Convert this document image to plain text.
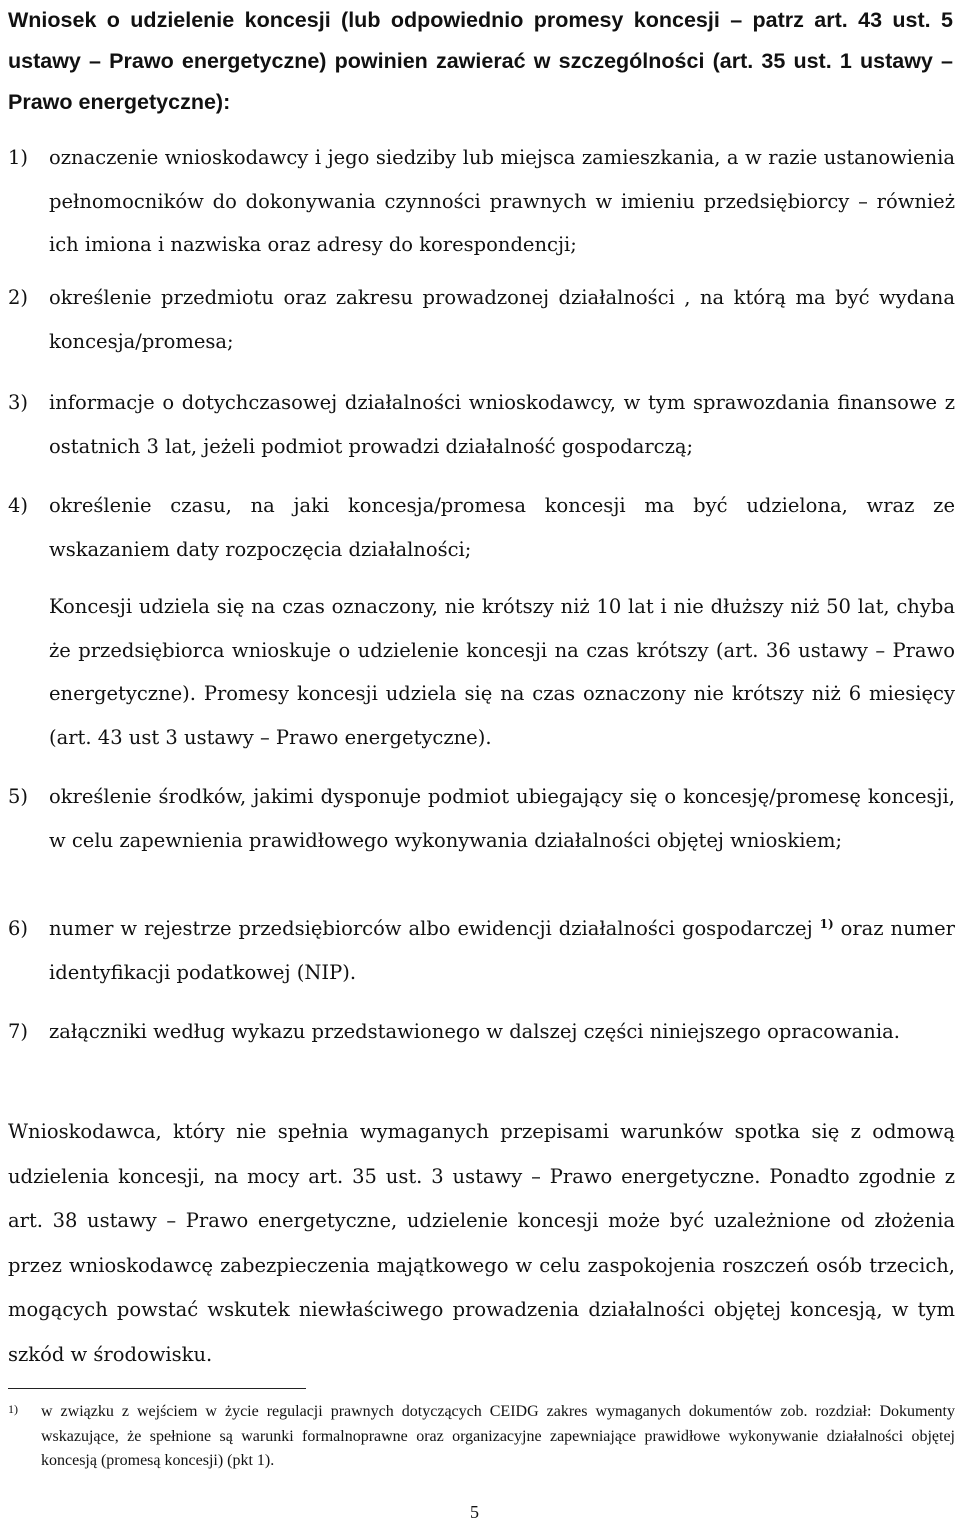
Wniosek o udzielenie koncesji (lub odpowiednio promesy koncesji – patrz art. 43 ust. 5 ustawy – Prawo energetyczne) powinien zawierać w szczególności (art. 35 ust. 1 ustawy – Prawo energetyczne):

1) oznaczenie wnioskodawcy i jego siedziby lub miejsca zamieszkania, a w razie ustanowienia pełnomocników do dokonywania czynności prawnych w imieniu przedsiębiorcy – również ich imiona i nazwiska oraz adresy do korespondencji;
2) określenie przedmiotu oraz zakresu prowadzonej działalności , na którą ma być wydana koncesja/promesa;
3) informacje o dotychczasowej działalności wnioskodawcy, w tym sprawozdania finansowe z ostatnich 3 lat, jeżeli podmiot prowadzi działalność gospodarczą;
4) określenie czasu, na jaki koncesja/promesa koncesji ma być udzielona, wraz ze wskazaniem daty rozpoczęcia działalności;
Koncesji udziela się na czas oznaczony, nie krótszy niż 10 lat i nie dłuższy niż 50 lat, chyba że przedsiębiorca wnioskuje o udzielenie koncesji na czas krótszy (art. 36 ustawy – Prawo energetyczne). Promesy koncesji udziela się na czas oznaczony nie krótszy niż 6 miesięcy (art. 43 ust 3 ustawy – Prawo energetyczne).
5) określenie środków, jakimi dysponuje podmiot ubiegający się o koncesję/promesę koncesji, w celu zapewnienia prawidłowego wykonywania działalności objętej wnioskiem;
6) numer w rejestrze przedsiębiorców albo ewidencji działalności gospodarczej $^{1)}$ oraz numer identyfikacji podatkowej (NIP).
7) załączniki według wykazu przedstawionego w dalszej części niniejszego opracowania.
Wnioskodawca, który nie spełnia wymaganych przepisami warunków spotka się z odmową udzielenia koncesji, na mocy art. 35 ust. 3 ustawy – Prawo energetyczne. Ponadto zgodnie z art. 38 ustawy – Prawo energetyczne, udzielenie koncesji może być uzależnione od złożenia przez wnioskodawcę zabezpieczenia majątkowego w celu zaspokojenia roszczeń osób trzecich, mogących powstać wskutek niewłaściwego prowadzenia działalności objętej koncesją, w tym szkód w środowisku.
1) w związku z wejściem w życie regulacji prawnych dotyczących CEIDG zakres wymaganych dokumentów zob. rozdział: Dokumenty wskazujące, że spełnione są warunki formalnoprawne oraz organizacyjne zapewniające prawidłowe wykonywanie działalności objętej koncesją (promesą koncesji) (pkt 1).
5
